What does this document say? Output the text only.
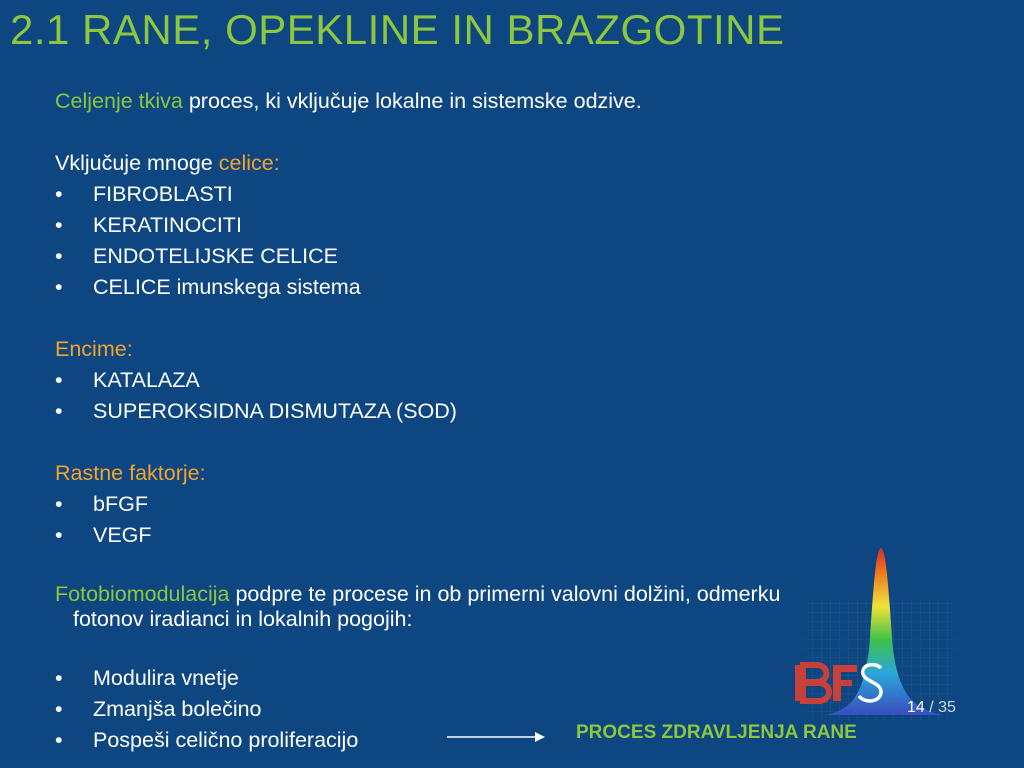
2.1 RANE, OPEKLINE IN BRAZGOTINE
Celjenje tkiva proces, ki vključuje lokalne in sistemske odzive.
Vključuje mnoge celice:
• FIBROBLASTI
• KERATINOCITI
• ENDOTELIJSKE CELICE
• CELICE imunskega sistema
Encime:
• KATALAZA
• SUPEROKSIDNA DISMUTAZA (SOD)
Rastne faktorje:
• bFGF
• VEGF
Fotobiomodulacija podpre te procese in ob primerni valovni dolžini, odmerku
fotonov iradianci in lokalnih pogojih:
• Modulira vnetje
• Zmanjša bolečino
• Pospeši celično proliferacijo	PROCES ZDRAVLJENJA RANE
BFS
14 / 35
